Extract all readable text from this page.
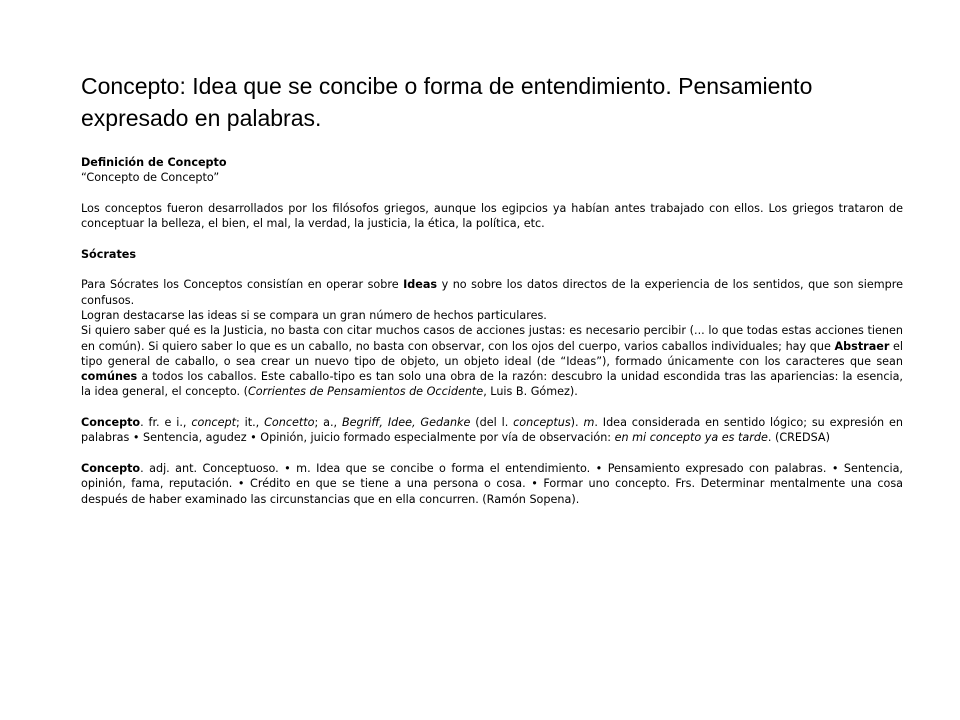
Concepto: Idea que se concibe o forma de entendimiento. Pensamiento expresado en palabras.

Definición de Concepto

“Concepto de Concepto”

Los conceptos fueron desarrollados por los filósofos griegos, aunque los egipcios ya habían antes trabajado con ellos. Los griegos trataron de conceptuar la belleza, el bien, el mal, la verdad, la justicia, la ética, la política, etc.

Sócrates

Para Sócrates los Conceptos consistían en operar sobre Ideas y no sobre los datos directos de la experiencia de los sentidos, que son siempre confusos.

Logran destacarse las ideas si se compara un gran número de hechos particulares.

Si quiero saber qué es la Justicia, no basta con citar muchos casos de acciones justas: es necesario percibir (... lo que todas estas acciones tienen en común). Si quiero saber lo que es un caballo, no basta con observar, con los ojos del cuerpo, varios caballos individuales; hay que Abstraer el tipo general de caballo, o sea crear un nuevo tipo de objeto, un objeto ideal (de “Ideas”), formado únicamente con los caracteres que sean comúnes a todos los caballos. Este caballo-tipo es tan solo una obra de la razón: descubro la unidad escondida tras las apariencias: la esencia, la idea general, el concepto. (Corrientes de Pensamientos de Occidente, Luis B. Gómez).

Concepto. fr. e i., concept; it., Concetto; a., Begriff, Idee, Gedanke (del l. conceptus). m. Idea considerada en sentido lógico; su expresión en palabras • Sentencia, agudez • Opinión, juicio formado especialmente por vía de observación: en mi concepto ya es tarde. (CREDSA)

Concepto. adj. ant. Conceptuoso. • m. Idea que se concibe o forma el entendimiento. • Pensamiento expresado con palabras. • Sentencia, opinión, fama, reputación. • Crédito en que se tiene a una persona o cosa. • Formar uno concepto. Frs. Determinar mentalmente una cosa después de haber examinado las circunstancias que en ella concurren. (Ramón Sopena).
